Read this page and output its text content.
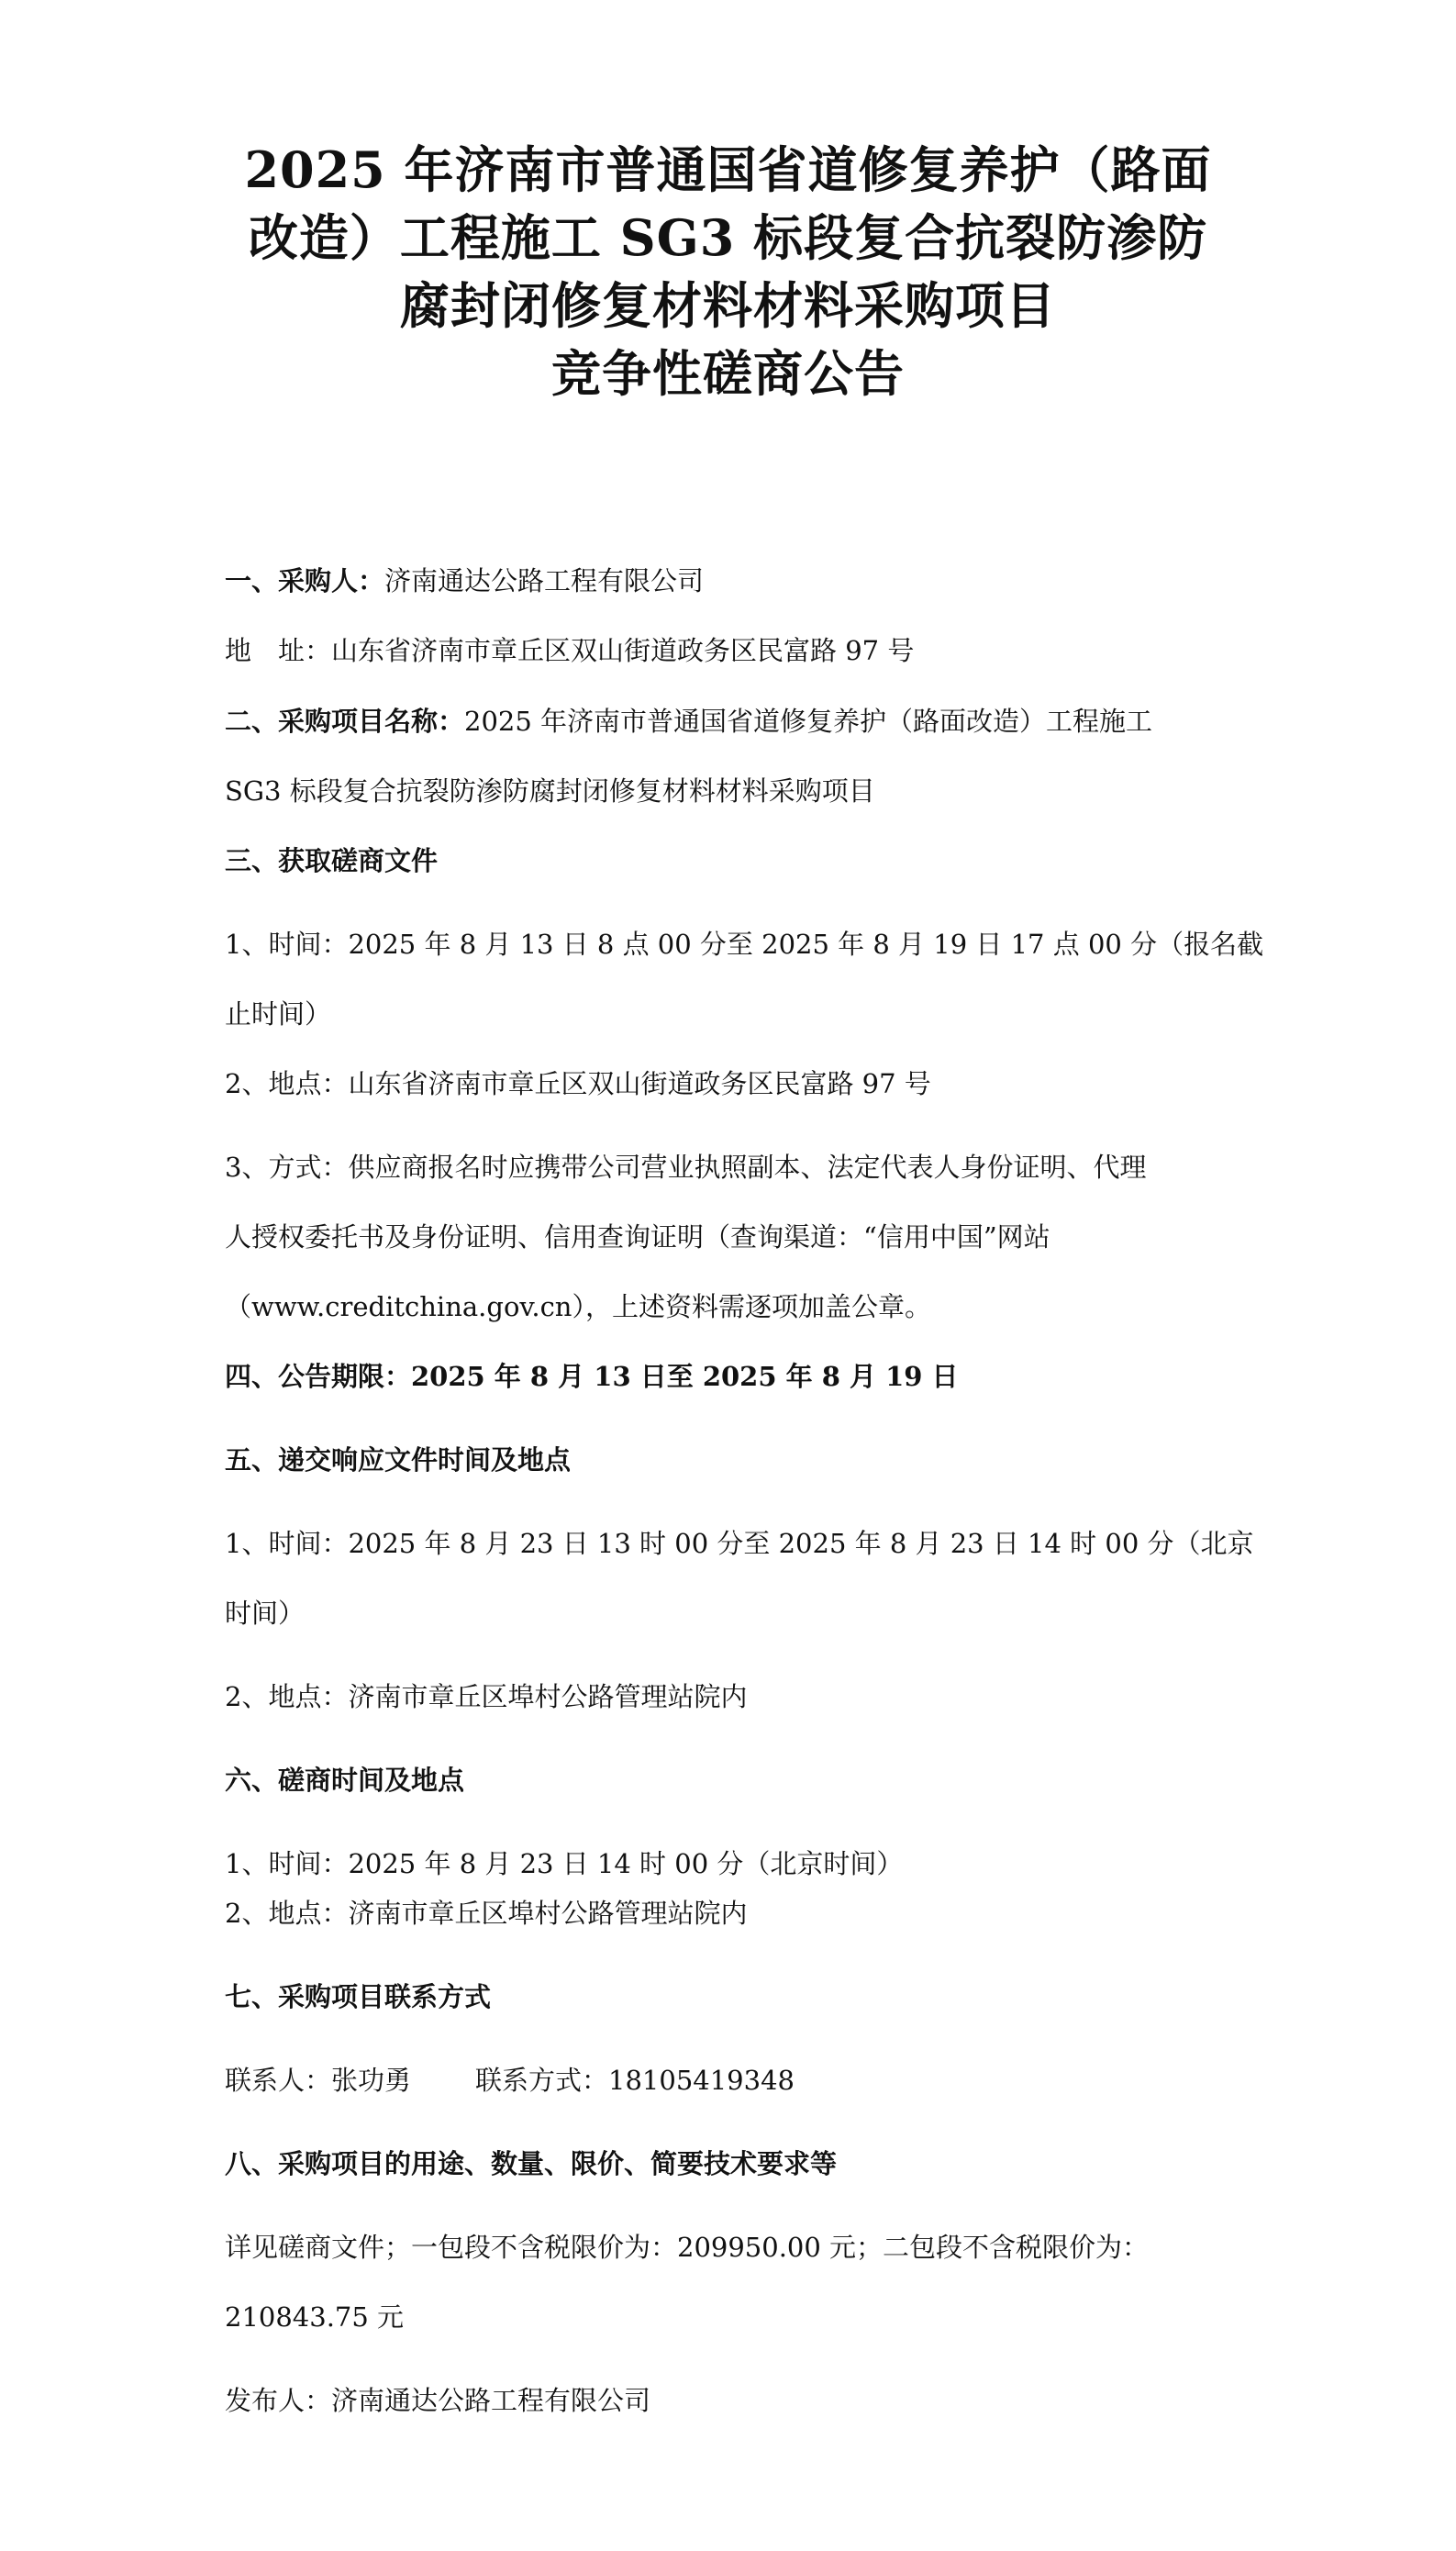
2025 年济南市普通国省道修复养护（路面
改造）工程施工 SG3 标段复合抗裂防渗防
腐封闭修复材料材料采购项目
竞争性磋商公告
一、采购人：济南通达公路工程有限公司
地　址：山东省济南市章丘区双山街道政务区民富路 97 号
二、采购项目名称：2025 年济南市普通国省道修复养护（路面改造）工程施工
SG3 标段复合抗裂防渗防腐封闭修复材料材料采购项目
三、获取磋商文件
1、时间：2025 年 8 月 13 日 8 点 00 分至 2025 年 8 月 19 日 17 点 00 分（报名截
止时间）
2、地点：山东省济南市章丘区双山街道政务区民富路 97 号
3、方式：供应商报名时应携带公司营业执照副本、法定代表人身份证明、代理
人授权委托书及身份证明、信用查询证明（查询渠道：“信用中国”网站
（www.creditchina.gov.cn），上述资料需逐项加盖公章。
四、公告期限：2025 年 8 月 13 日至 2025 年 8 月 19 日
五、递交响应文件时间及地点
1、时间：2025 年 8 月 23 日 13 时 00 分至 2025 年 8 月 23 日 14 时 00 分（北京
时间）
2、地点：济南市章丘区埠村公路管理站院内
六、磋商时间及地点
1、时间：2025 年 8 月 23 日 14 时 00 分（北京时间）
2、地点：济南市章丘区埠村公路管理站院内
七、采购项目联系方式
联系人：张功勇 联系方式：18105419348
八、采购项目的用途、数量、限价、简要技术要求等
详见磋商文件；一包段不含税限价为：209950.00 元；二包段不含税限价为：
210843.75 元
发布人：济南通达公路工程有限公司
